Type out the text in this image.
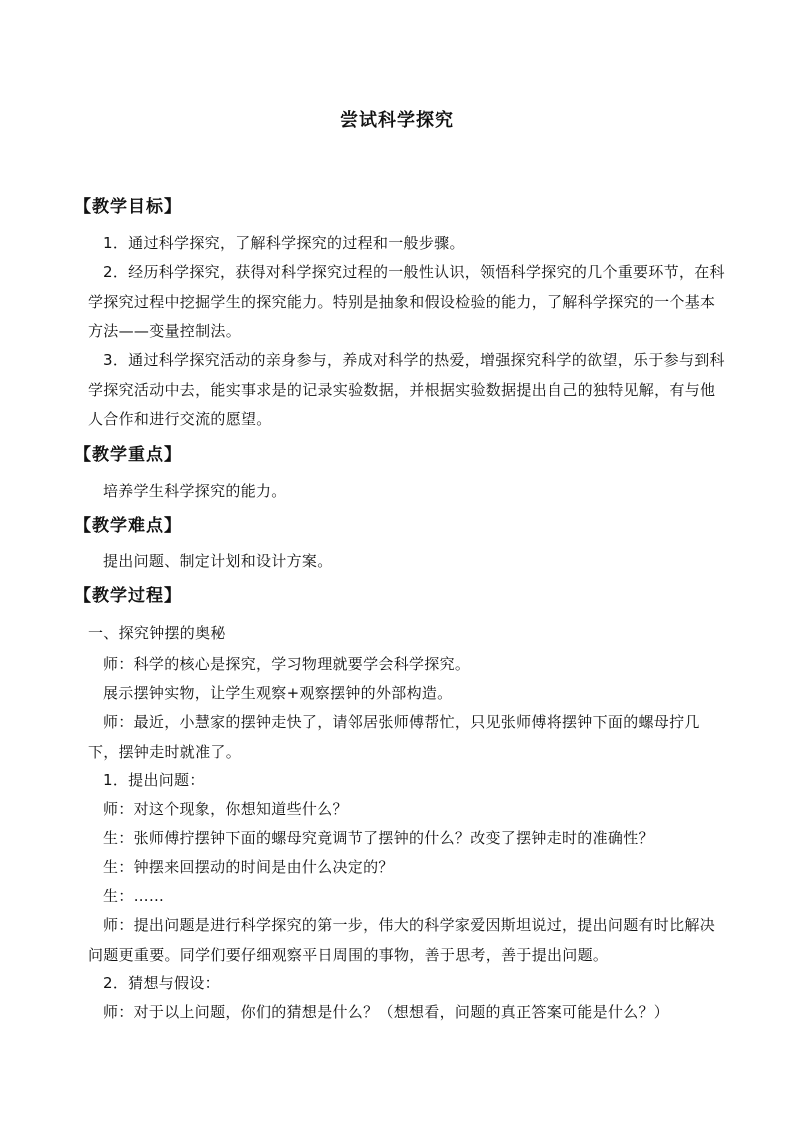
尝试科学探究
【教学目标】
1．通过科学探究，了解科学探究的过程和一般步骤。
2．经历科学探究，获得对科学探究过程的一般性认识，领悟科学探究的几个重要环节，在科学探究过程中挖掘学生的探究能力。特别是抽象和假设检验的能力，了解科学探究的一个基本方法——变量控制法。
3．通过科学探究活动的亲身参与，养成对科学的热爱，增强探究科学的欲望，乐于参与到科学探究活动中去，能实事求是的记录实验数据，并根据实验数据提出自己的独特见解，有与他人合作和进行交流的愿望。
【教学重点】
培养学生科学探究的能力。
【教学难点】
提出问题、制定计划和设计方案。
【教学过程】
一、探究钟摆的奥秘
师：科学的核心是探究，学习物理就要学会科学探究。
展示摆钟实物，让学生观察+观察摆钟的外部构造。
师：最近，小慧家的摆钟走快了，请邻居张师傅帮忙，只见张师傅将摆钟下面的螺母拧几下，摆钟走时就准了。
1．提出问题：
师：对这个现象，你想知道些什么？
生：张师傅拧摆钟下面的螺母究竟调节了摆钟的什么？改变了摆钟走时的准确性？
生：钟摆来回摆动的时间是由什么决定的？
生：……
师：提出问题是进行科学探究的第一步，伟大的科学家爱因斯坦说过，提出问题有时比解决问题更重要。同学们要仔细观察平日周围的事物，善于思考，善于提出问题。
2．猜想与假设：
师：对于以上问题，你们的猜想是什么？（想想看，问题的真正答案可能是什么？）
